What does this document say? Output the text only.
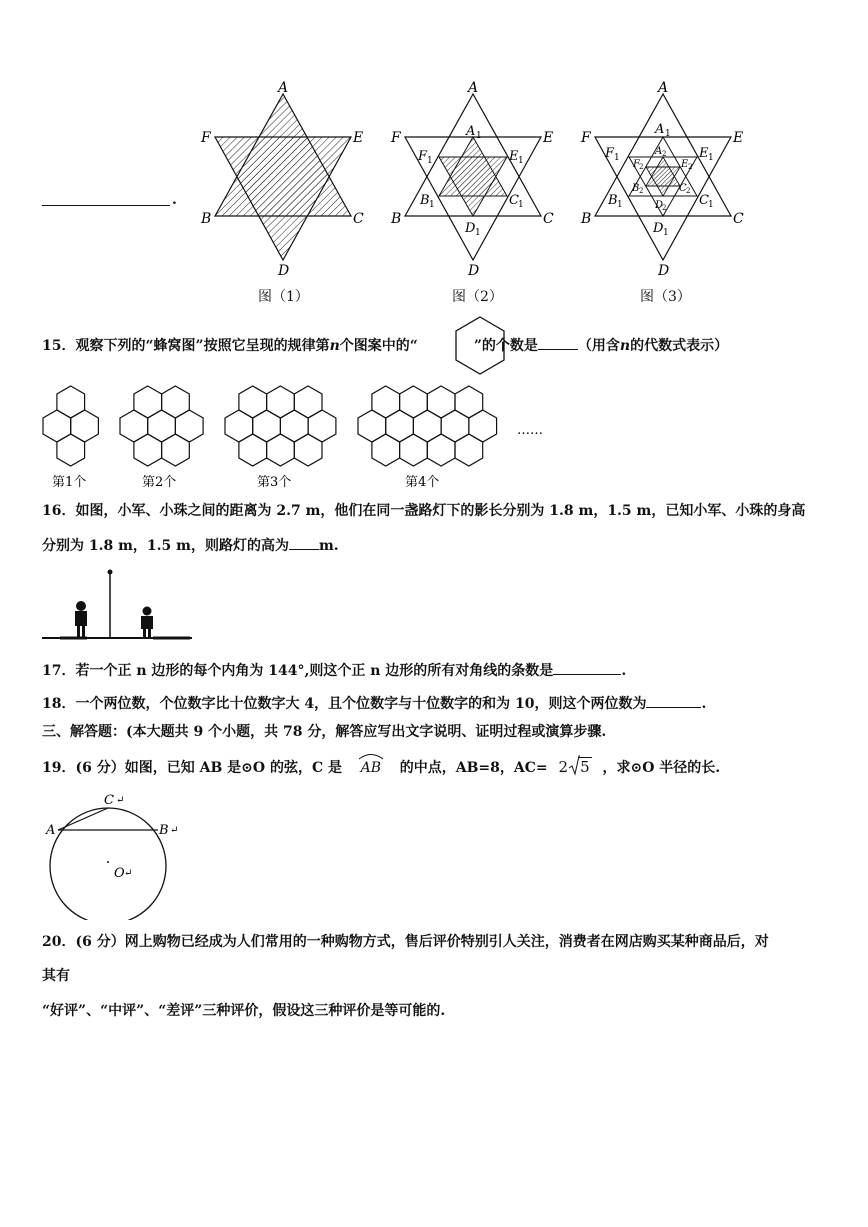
.
A
F	E
B	C
D
图（1）
A
F	E
B	C
D
A 1
F 1	E 1
B 1	C 1
D 1
图（2）
A
F	E
B	C
D
A 1
F 1	E 1
B 1	C 1
D 1
A 2
F 2	E 2
B 2	C 2
D
2
图（3）
15．观察下列的“蜂窝图”按照它呈现的规律第n个图案中的“	”的个数是	（用含n的代数式表示）
第1个	第2个	第3个	第4个
……
16．如图，小军、小珠之间的距离为 2.7 m，他们在同一盏路灯下的影长分别为 1.8 m，1.5 m，已知小军、小珠的身高
分别为 1.8 m，1.5 m，则路灯的高为 m.
17．若一个正 n 边形的每个内角为 144°,则这个正 n 边形的所有对角线的条数是	.
18．一个两位数，个位数字比十位数字大 4，且个位数字与十位数字的和为 10，则这个两位数为	.
三、解答题：(本大题共 9 个小题，共 78 分，解答应写出文字说明、证明过程或演算步骤.
19．(6 分）如图，已知 AB 是⊙O 的弦，C 是 AB 的中点，AB=8，AC= 2 5 ，求⊙O 半径的长.
A
C ↵
B ↵
O ↵
20．(6 分）网上购物已经成为人们常用的一种购物方式，售后评价特别引人关注，消费者在网店购买某种商品后，对
其有
“好评”、“中评”、“差评”三种评价，假设这三种评价是等可能的.
